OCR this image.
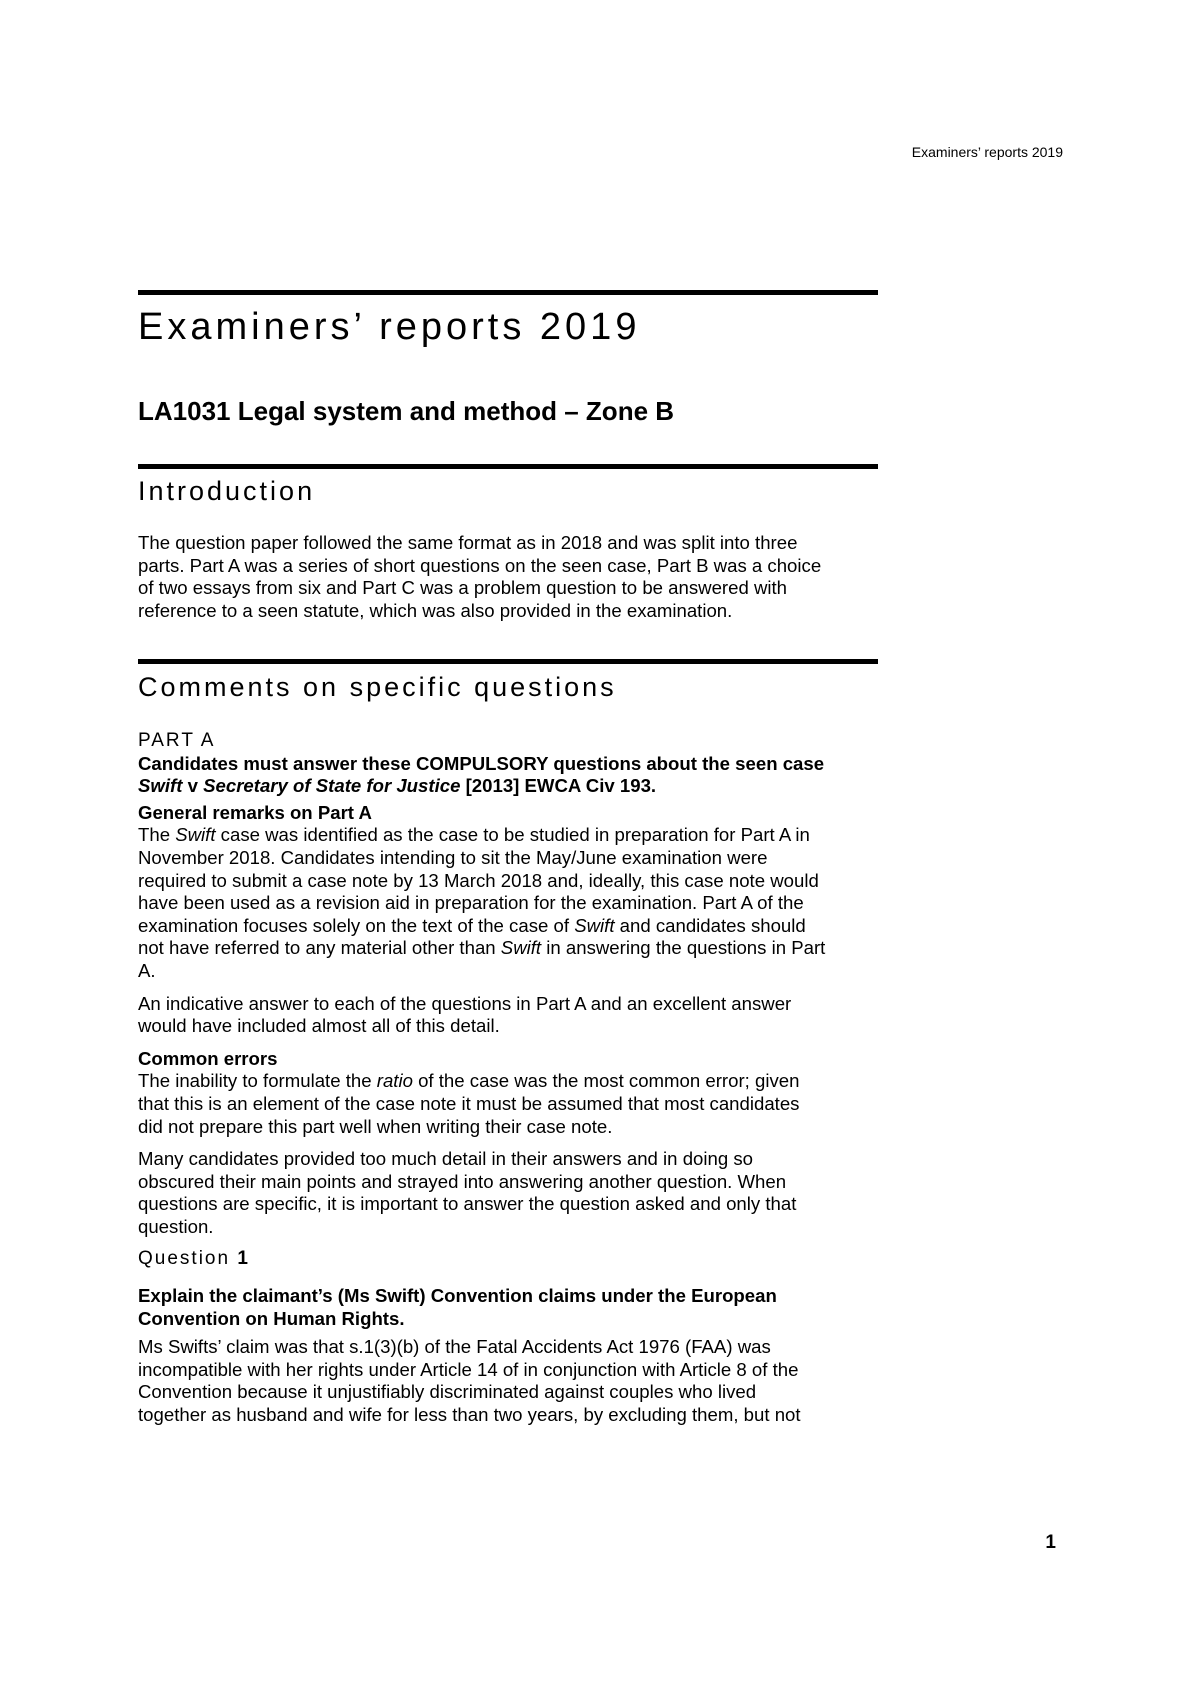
Examiners’ reports 2019
Examiners’ reports 2019
LA1031 Legal system and method – Zone B
Introduction

The question paper followed the same format as in 2018 and was split into three

parts. Part A was a series of short questions on the seen case, Part B was a choice

of two essays from six and Part C was a problem question to be answered with

reference to a seen statute, which was also provided in the examination.

Comments on specific questions

PART A

Candidates must answer these COMPULSORY questions about the seen case

Swift v Secretary of State for Justice [2013] EWCA Civ 193.

General remarks on Part A

The Swift case was identified as the case to be studied in preparation for Part A in

November 2018. Candidates intending to sit the May/June examination were

required to submit a case note by 13 March 2018 and, ideally, this case note would

have been used as a revision aid in preparation for the examination. Part A of the

examination focuses solely on the text of the case of Swift and candidates should

not have referred to any material other than Swift in answering the questions in Part

A.

An indicative answer to each of the questions in Part A and an excellent answer

would have included almost all of this detail.

Common errors

The inability to formulate the ratio of the case was the most common error; given

that this is an element of the case note it must be assumed that most candidates

did not prepare this part well when writing their case note.

Many candidates provided too much detail in their answers and in doing so

obscured their main points and strayed into answering another question. When

questions are specific, it is important to answer the question asked and only that

question.

Question 1

Explain the claimant’s (Ms Swift) Convention claims under the European

Convention on Human Rights.

Ms Swifts’ claim was that s.1(3)(b) of the Fatal Accidents Act 1976 (FAA) was

incompatible with her rights under Article 14 of in conjunction with Article 8 of the

Convention because it unjustifiably discriminated against couples who lived

together as husband and wife for less than two years, by excluding them, but not

1
